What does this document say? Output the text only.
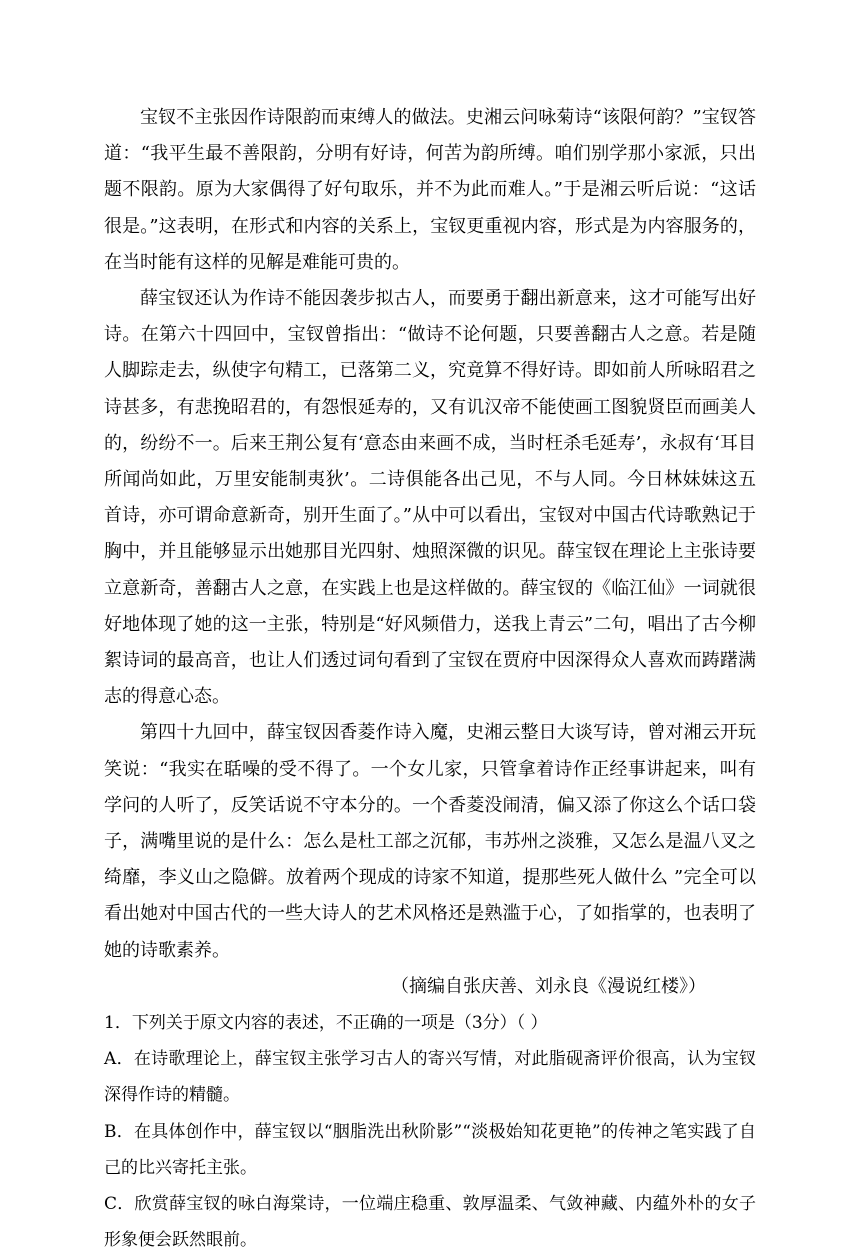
宝钗不主张因作诗限韵而束缚人的做法。史湘云问咏菊诗“该限何韵？”宝钗答道：“我平生最不善限韵，分明有好诗，何苦为韵所缚。咱们别学那小家派，只出题不限韵。原为大家偶得了好句取乐，并不为此而难人。”于是湘云听后说：“这话很是。”这表明，在形式和内容的关系上，宝钗更重视内容，形式是为内容服务的，在当时能有这样的见解是难能可贵的。

薛宝钗还认为作诗不能因袭步拟古人，而要勇于翻出新意来，这才可能写出好诗。在第六十四回中，宝钗曾指出：“做诗不论何题，只要善翻古人之意。若是随人脚踪走去，纵使字句精工，已落第二义，究竟算不得好诗。即如前人所咏昭君之诗甚多，有悲挽昭君的，有怨恨延寿的，又有讥汉帝不能使画工图貌贤臣而画美人的，纷纷不一。后来王荆公复有‘意态由来画不成，当时枉杀毛延寿’，永叔有‘耳目所闻尚如此，万里安能制夷狄’。二诗俱能各出己见，不与人同。今日林妹妹这五首诗，亦可谓命意新奇，别开生面了。”从中可以看出，宝钗对中国古代诗歌熟记于胸中，并且能够显示出她那目光四射、烛照深微的识见。薛宝钗在理论上主张诗要立意新奇，善翻古人之意，在实践上也是这样做的。薛宝钗的《临江仙》一词就很好地体现了她的这一主张，特别是“好风频借力，送我上青云”二句，唱出了古今柳絮诗词的最高音，也让人们透过词句看到了宝钗在贾府中因深得众人喜欢而踌躇满志的得意心态。

第四十九回中，薛宝钗因香菱作诗入魔，史湘云整日大谈写诗，曾对湘云开玩笑说：“我实在聒噪的受不得了。一个女儿家，只管拿着诗作正经事讲起来，叫有学问的人听了，反笑话说不守本分的。一个香菱没闹清，偏又添了你这么个话口袋子，满嘴里说的是什么：怎么是杜工部之沉郁，韦苏州之淡雅，又怎么是温八叉之绮靡，李义山之隐僻。放着两个现成的诗家不知道，提那些死人做什么 ”完全可以看出她对中国古代的一些大诗人的艺术风格还是熟滥于心，了如指掌的，也表明了她的诗歌素养。

（摘编自张庆善、刘永良《漫说红楼》）

1．下列关于原文内容的表述，不正确的一项是（3分）（ ）

A．在诗歌理论上，薛宝钗主张学习古人的寄兴写情，对此脂砚斋评价很高，认为宝钗深得作诗的精髓。

B．在具体创作中，薛宝钗以“胭脂洗出秋阶影”“淡极始知花更艳”的传神之笔实践了自己的比兴寄托主张。

C．欣赏薛宝钗的咏白海棠诗，一位端庄稳重、敦厚温柔、气敛神藏、内蕴外朴的女子形象便会跃然眼前。
